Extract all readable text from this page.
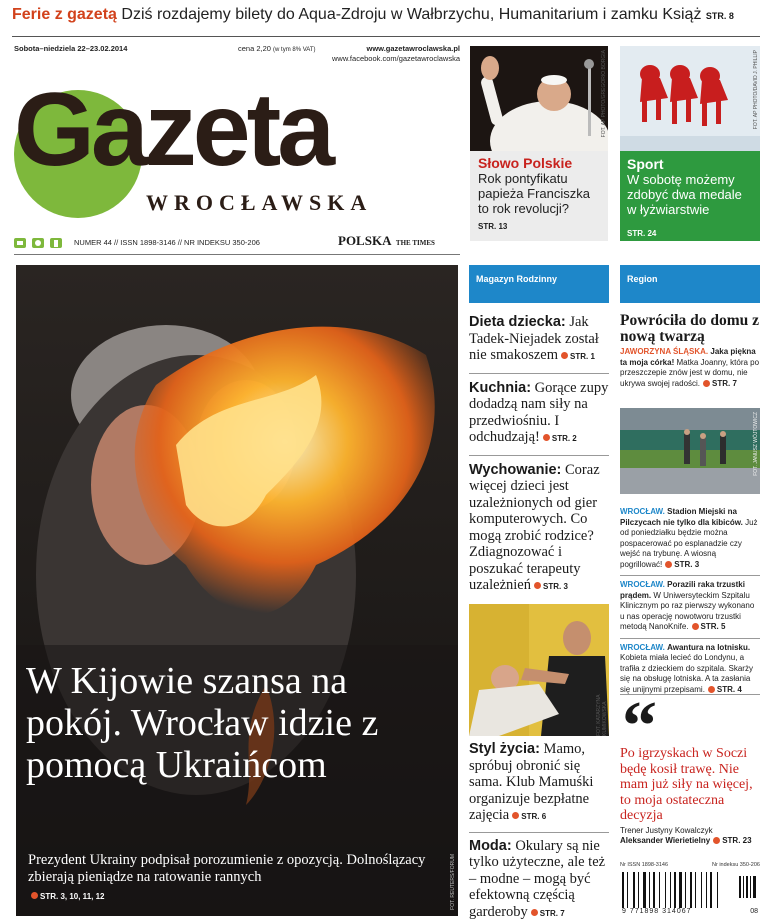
Ferie z gazetą Dziś rozdajemy bilety do Aqua-Zdroju w Wałbrzychu, Humanitarium i zamku Książ STR. 8
Sobota–niedziela 22–23.02.2014	cena 2,20 (w tym 8% VAT)	www.gazetawroclawska.pl
www.facebook.com/gazetawroclawska
Gazeta
WROCŁAWSKA
NUMER 44 // ISSN 1898-3146 // NR INDEKSU 350-206	POLSKA THE TIMES
FOT. AP PHOTO/GREGORIO BORGIA
Słowo Polskie
Rok pontyfikatu papieża Franciszka to rok revolucji?
STR. 13
FOT. AP PHOTO/DAVID J. PHILLIP
Sport
W sobotę możemy zdobyć dwa medale w łyżwiarstwie
STR. 24
FOT. REUTERS/FORUM
W Kijowie szansa na pokój. Wrocław idzie z pomocą Ukraińcom
Prezydent Ukrainy podpisał porozumienie z opozycją. Dolnoślązacy zbierają pieniądze na ratowanie rannych
STR. 3, 10, 11, 12
Magazyn Rodzinny
Dieta dziecka: Jak Tadek-Niejadek został nie smakoszem STR. 1
Kuchnia: Gorące zupy dodadzą nam siły na przedwiośniu. I odchudzają! STR. 2
Wychowanie: Coraz więcej dzieci jest uzależnionych od gier komputerowych. Co mogą zrobić rodzice? Zdiagnozować i poszukać terapeuty uzależnień STR. 3
FOT. KATARZYNA KUMIKOWSKA
Styl życia: Mamo, spróbuj obronić się sama. Klub Mamuśki organizuje bezpłatne zajęcia STR. 6
Moda: Okulary są nie tylko użyteczne, ale też – modne – mogą być efektowną częścią garderoby STR. 7
Region
Powróciła do domu z nową twarzą
JAWORZYNA ŚLĄSKA. Jaka piękna ta moja córka! Matka Joanny, która po przeszczepie znów jest w domu, nie ukrywa swojej radości. STR. 7
FOT. JANUSZ WÓJTOWICZ
WROCŁAW. Stadion Miejski na Pilczycach nie tylko dla kibiców. Już od poniedziałku będzie można pospacerować po esplanadzie czy wejść na trybunę. A wiosną pogrillować! STR. 3
WROCŁAW. Porazili raka trzustki prądem. W Uniwersyteckim Szpitalu Klinicznym po raz pierwszy wykonano u nas operację nowotworu trzustki metodą NanoKnife. STR. 5
WROCŁAW. Awantura na lotnisku. Kobieta miała lecieć do Londynu, a trafiła z dzieckiem do szpitala. Skarży się na obsługę lotniska. A ta zasłania się unijnymi przepisami. STR. 4
“
Po igrzyskach w Soczi będę kosił trawę. Nie mam już siły na więcej, to moja ostateczna decyzja
Trener Justyny Kowalczyk
Aleksander Wierietielny STR. 23
Nr ISSN 1898-3146	Nr indeksu 350-206
9 771898 314067	08
